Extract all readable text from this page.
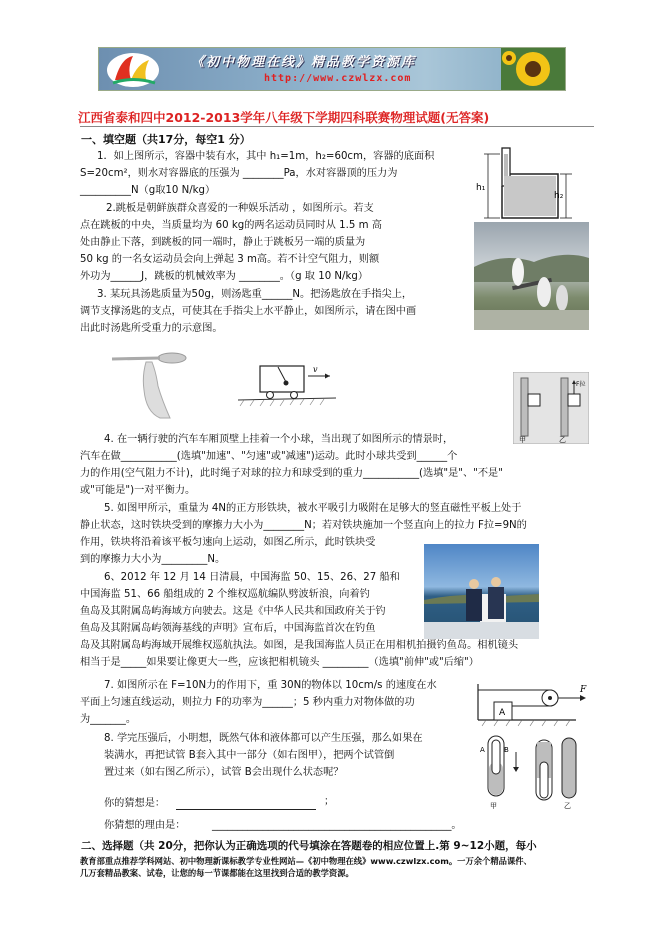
《初中物理在线》精品教学资源库
http://www.czwlzx.com
江西省泰和四中2012-2013学年八年级下学期四科联赛物理试题(无答案)
一、填空题（共17分，每空1 分）
1．如上图所示，容器中装有水，其中 h₁=1m，h₂=60cm，容器的底面积
S=20cm²，则水对容器底的压强为 ________Pa，水对容器顶的压力为
__________N（g取10 N/kg）	h₁
h₂
2.跳板是朝鲜族群众喜爱的一种娱乐活动 ，如图所示。若支
点在跳板的中央，当质量均为 60 kg的两名运动员同时从 1.5 m 高
处由静止下落，到跳板的同一端时，静止于跳板另一端的质量为
50 kg 的一名女运动员会向上弹起 3 m高。若不计空气阻力，则额
外功为______J，跳板的机械效率为 ________。（g 取 10 N/kg）
3. 某玩具汤匙质量为50g，则汤匙重______N。把汤匙放在手指尖上，
调节支撑汤匙的支点，可使其在手指尖上水平静止，如图所示，请在图中画
出此时汤匙所受重力的示意图。
v
F拉
甲	乙
4. 在一辆行驶的汽车车厢顶壁上挂着一个小球，当出现了如图所示的情景时，
汽车在做___________(选填"加速"、"匀速"或"减速")运动。此时小球共受到______个
力的作用(空气阻力不计)，此时绳子对球的拉力和球受到的重力___________(选填"是"、"不是"
或"可能是")一对平衡力。
5. 如图甲所示，重量为 4N的正方形铁块，被水平吸引力吸附在足够大的竖直磁性平板上处于
静止状态，这时铁块受到的摩擦力大小为________N；若对铁块施加一个竖直向上的拉力 F拉=9N的
作用，铁块将沿着该平板匀速向上运动，如图乙所示，此时铁块受
到的摩擦力大小为_________N。
6、2012 年 12 月 14 日清晨，中国海监 50、15、26、27 船和
中国海监 51、66 船组成的 2 个维权巡航编队劈波斩浪，向着钓
鱼岛及其附属岛屿海域方向驶去。这是《中华人民共和国政府关于钓
鱼岛及其附属岛屿领海基线的声明》宣布后，中国海监首次在钓鱼
岛及其附属岛屿海域开展维权巡航执法。如图，是我国海监人员正在用相机拍摄钓鱼岛。相机镜头
相当于是_____如果要让像更大一些，应该把相机镜头 _________（选填"前伸"或"后缩"）
7. 如图所示在 F=10N力的作用下，重 30N的物体以 10cm/s 的速度在水
平面上匀速直线运动，则拉力 F的功率为______；5 秒内重力对物体做的功
为_______。
A
F
A	B
甲	乙
8. 学完压强后，小明想，既然气体和液体都可以产生压强，那么如果在
装满水，再把试管 B套入其中一部分（如右图甲），把两个试管倒
置过来（如右图乙所示），试管 B会出现什么状态呢？
你的猜想是：	；
你猜想的理由是：	_______________________________________________。
二、选择题（共 20分，把你认为正确选项的代号填涂在答题卷的相应位置上.第 9~12小题，每小
教育部重点推荐学科网站、初中物理新课标教学专业性网站—《初中物理在线》www.czwlzx.com。一万余个精品课件、
几万套精品教案、试卷，让您的每一节课都能在这里找到合适的教学资源。
